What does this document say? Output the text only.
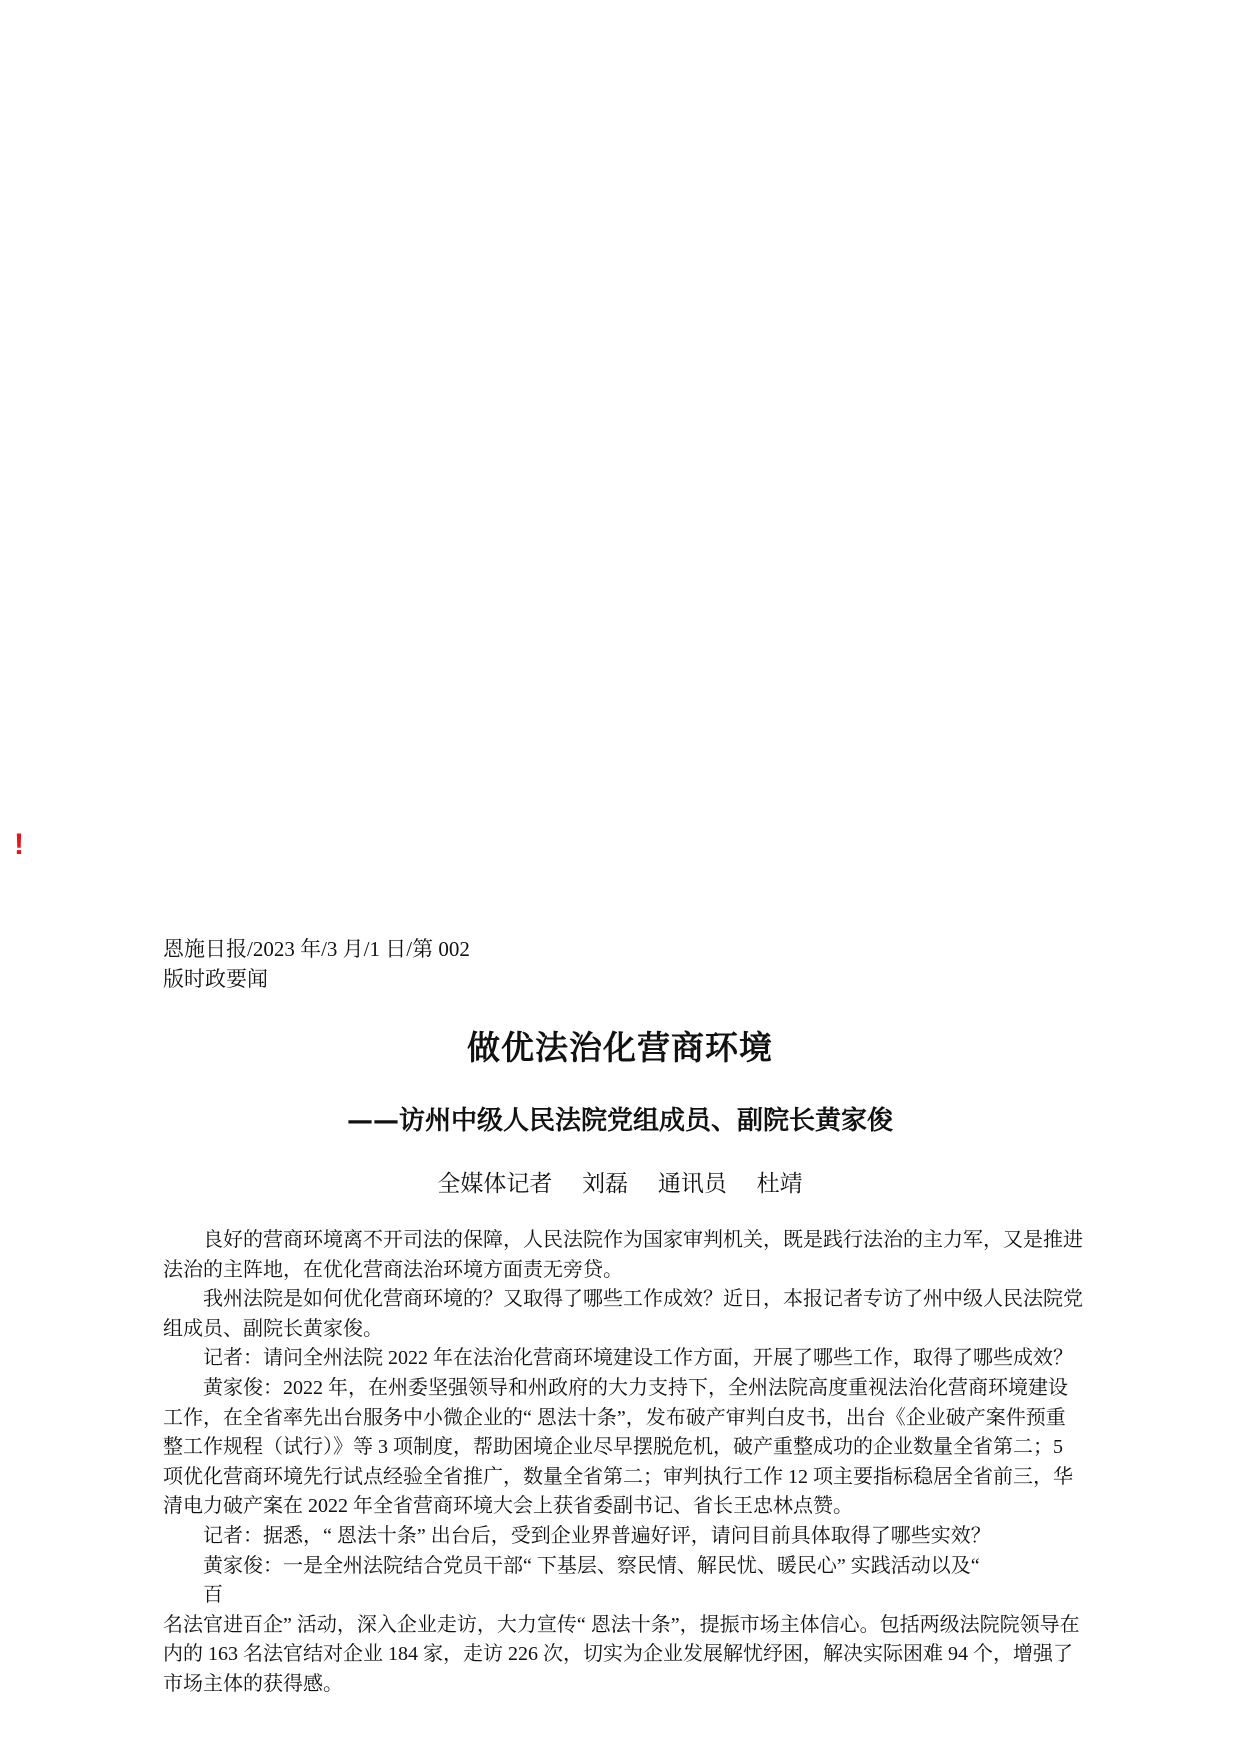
!
恩施日报/2023 年/3 月/1 日/第 002
版时政要闻
做优法治化营商环境
——访州中级人民法院党组成员、副院长黄家俊
全媒体记者 刘磊 通讯员 杜靖

良好的营商环境离不开司法的保障，人民法院作为国家审判机关，既是践行法治的主力军，又是推进法治的主阵地，在优化营商法治环境方面责无旁贷。

我州法院是如何优化营商环境的？又取得了哪些工作成效？近日，本报记者专访了州中级人民法院党组成员、副院长黄家俊。

记者：请问全州法院 2022 年在法治化营商环境建设工作方面，开展了哪些工作，取得了哪些成效？

黄家俊：2022 年，在州委坚强领导和州政府的大力支持下，全州法院高度重视法治化营商环境建设工作，在全省率先出台服务中小微企业的“ 恩法十条”，发布破产审判白皮书，出台《企业破产案件预重整工作规程（试行）》等 3 项制度，帮助困境企业尽早摆脱危机，破产重整成功的企业数量全省第二；5 项优化营商环境先行试点经验全省推广，数量全省第二；审判执行工作 12 项主要指标稳居全省前三，华清电力破产案在 2022 年全省营商环境大会上获省委副书记、省长王忠林点赞。

记者：据悉，“ 恩法十条” 出台后，受到企业界普遍好评，请问目前具体取得了哪些实效？

黄家俊：一是全州法院结合党员干部“ 下基层、察民情、解民忧、暖民心” 实践活动以及“

百

名法官进百企” 活动，深入企业走访，大力宣传“ 恩法十条”，提振市场主体信心。包括两级法院院领导在内的 163 名法官结对企业 184 家，走访 226 次，切实为企业发展解忧纾困，解决实际困难 94 个，增强了市场主体的获得感。
